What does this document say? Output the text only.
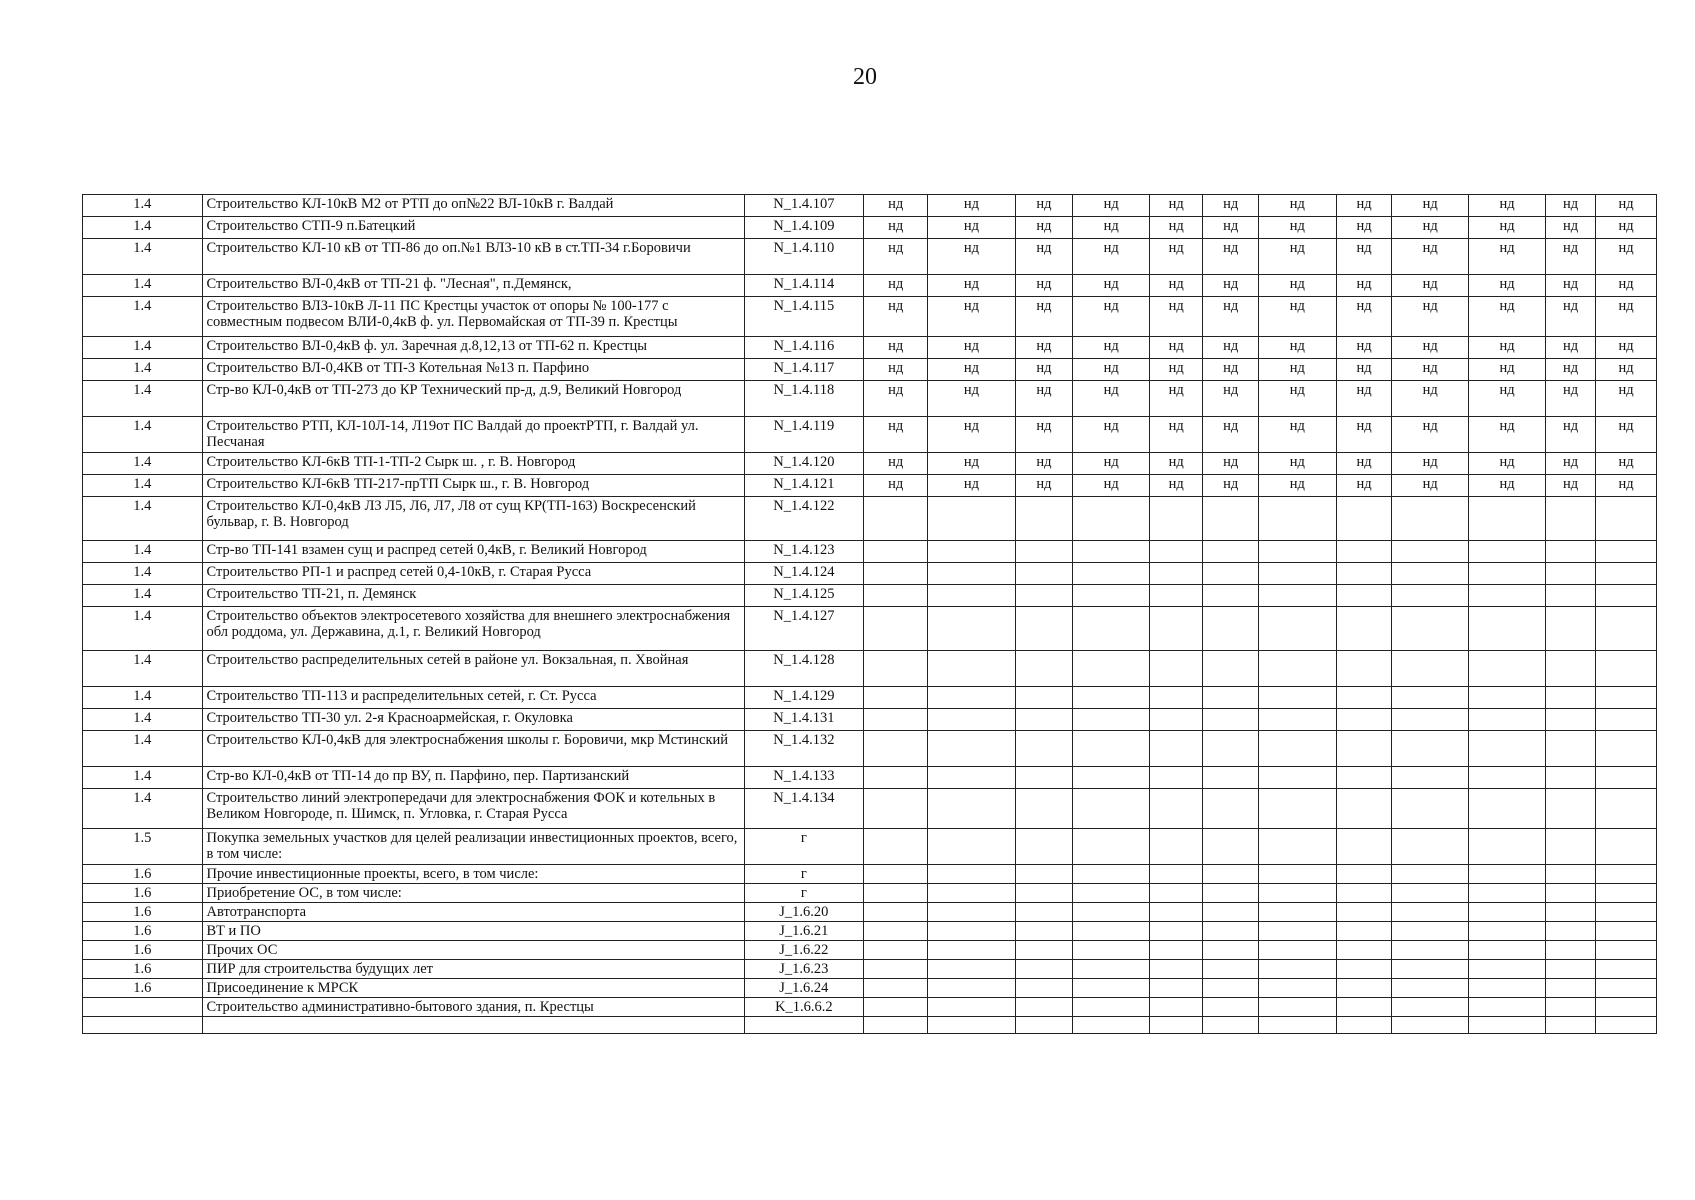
20
1.4	Строительство КЛ-10кВ М2 от РТП до оп№22 ВЛ-10кВ г. Валдай	N_1.4.107	нд	нд	нд	нд	нд	нд	нд	нд	нд	нд	нд	нд
1.4	Строительство СТП-9 п.Батецкий	N_1.4.109	нд	нд	нд	нд	нд	нд	нд	нд	нд	нд	нд	нд
1.4	Строительство КЛ-10 кВ от ТП-86 до оп.№1 ВЛ3-10 кВ в ст.ТП-34 г.Боровичи	N_1.4.110	нд	нд	нд	нд	нд	нд	нд	нд	нд	нд	нд	нд
1.4	Строительство ВЛ-0,4кВ от ТП-21 ф. "Лесная", п.Демянск,	N_1.4.114	нд	нд	нд	нд	нд	нд	нд	нд	нд	нд	нд	нд
1.4	Строительство ВЛЗ-10кВ Л-11 ПС Крестцы участок от опоры № 100-177 с совместным подвесом ВЛИ-0,4кВ ф. ул. Первомайская от ТП-39 п. Крестцы	N_1.4.115	нд	нд	нд	нд	нд	нд	нд	нд	нд	нд	нд	нд
1.4	Строительство ВЛ-0,4кВ ф. ул. Заречная д.8,12,13 от ТП-62 п. Крестцы	N_1.4.116	нд	нд	нд	нд	нд	нд	нд	нд	нд	нд	нд	нд
1.4	Строительство ВЛ-0,4КВ от ТП-3 Котельная №13 п. Парфино	N_1.4.117	нд	нд	нд	нд	нд	нд	нд	нд	нд	нд	нд	нд
1.4	Стр-во КЛ-0,4кВ от ТП-273 до КР Технический пр-д, д.9, Великий Новгород	N_1.4.118	нд	нд	нд	нд	нд	нд	нд	нд	нд	нд	нд	нд
1.4	Строительство РТП, КЛ-10Л-14, Л19от ПС Валдай до проектРТП, г. Валдай ул. Песчаная	N_1.4.119	нд	нд	нд	нд	нд	нд	нд	нд	нд	нд	нд	нд
1.4	Строительство КЛ-6кВ ТП-1-ТП-2 Сырк ш. , г. В. Новгород	N_1.4.120	нд	нд	нд	нд	нд	нд	нд	нд	нд	нд	нд	нд
1.4	Строительство КЛ-6кВ ТП-217-прТП Сырк ш., г. В. Новгород	N_1.4.121	нд	нд	нд	нд	нд	нд	нд	нд	нд	нд	нд	нд
1.4	Строительство КЛ-0,4кВ Л3 Л5, Л6, Л7, Л8 от сущ КР(ТП-163) Воскресенский бульвар, г. В. Новгород	N_1.4.122												
1.4	Стр-во ТП-141 взамен сущ и распред сетей 0,4кВ, г. Великий Новгород	N_1.4.123												
1.4	Строительство РП-1 и распред сетей 0,4-10кВ, г. Старая Русса	N_1.4.124												
1.4	Строительство ТП-21, п. Демянск	N_1.4.125												
1.4	Строительство объектов электросетевого хозяйства для внешнего электроснабжения обл роддома, ул. Державина, д.1, г. Великий Новгород	N_1.4.127												
1.4	Строительство распределительных сетей в районе ул. Вокзальная, п. Хвойная	N_1.4.128												
1.4	Строительство ТП-113 и распределительных сетей, г. Ст. Русса	N_1.4.129												
1.4	Строительство ТП-30 ул. 2-я Красноармейская, г. Окуловка	N_1.4.131												
1.4	Строительство КЛ-0,4кВ для электроснабжения школы г. Боровичи, мкр Мстинский	N_1.4.132												
1.4	Стр-во КЛ-0,4кВ от ТП-14 до пр ВУ, п. Парфино, пер. Партизанский	N_1.4.133												
1.4	Строительство линий электропередачи для электроснабжения ФОК и котельных в Великом Новгороде, п. Шимск, п. Угловка, г. Старая Русса	N_1.4.134												
1.5	Покупка земельных участков для целей реализации инвестиционных проектов, всего, в том числе:	г												
1.6	Прочие инвестиционные проекты, всего, в том числе:	г												
1.6	Приобретение ОС, в том числе:	г												
1.6	Автотранспорта	J_1.6.20												
1.6	ВТ и ПО	J_1.6.21												
1.6	Прочих ОС	J_1.6.22												
1.6	ПИР для строительства будущих лет	J_1.6.23												
1.6	Присоединение к МРСК	J_1.6.24												
	Строительство административно-бытового здания, п. Крестцы	K_1.6.6.2												
